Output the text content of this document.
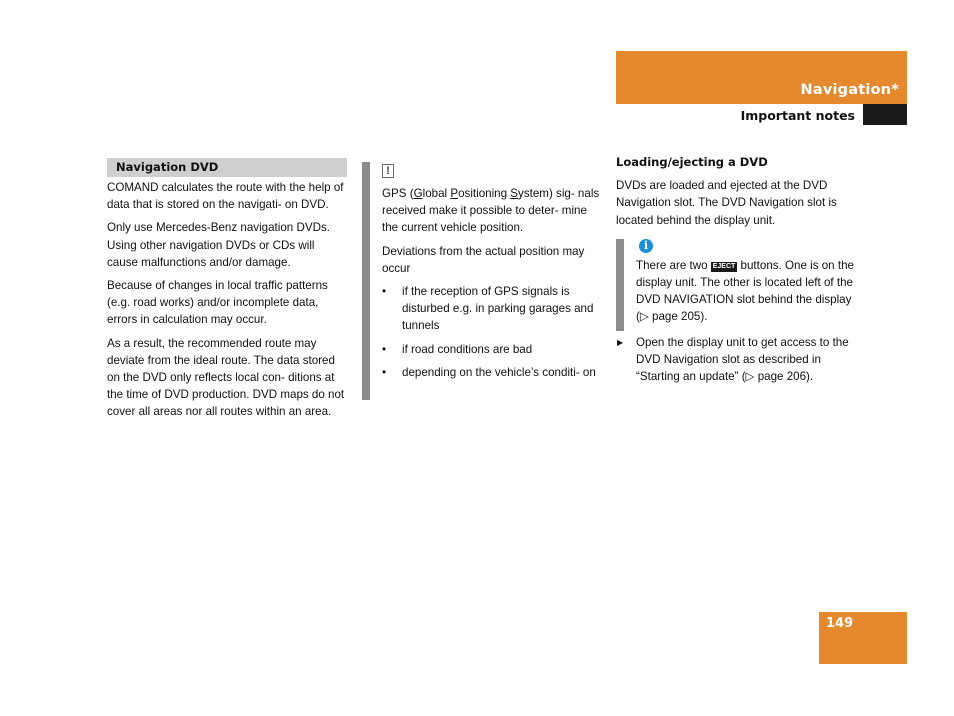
Navigation*
Important notes
Navigation DVD

COMAND calculates the route with the help of data that is stored on the navigati- on DVD.

Only use Mercedes-Benz navigation DVDs. Using other navigation DVDs or CDs will cause malfunctions and/or damage.

Because of changes in local traffic patterns (e.g. road works) and/or incomplete data, errors in calculation may occur.

As a result, the recommended route may deviate from the ideal route. The data stored on the DVD only reflects local con- ditions at the time of DVD production. DVD maps do not cover all areas nor all routes within an area.

!

GPS (Global Positioning System) sig- nals received make it possible to deter- mine the current vehicle position.

Deviations from the actual position may occur

• if the reception of GPS signals is disturbed e.g. in parking garages and tunnels
• if road conditions are bad
• depending on the vehicle’s conditi- on
Loading/ejecting a DVD

DVDs are loaded and ejected at the DVD Navigation slot. The DVD Navigation slot is located behind the display unit.

i

There are two EJECT buttons. One is on the display unit. The other is located left of the DVD NAVIGATION slot behind the display (▷ page 205).

▶ Open the display unit to get access to the DVD Navigation slot as described in “Starting an update” (▷ page 206).
149
